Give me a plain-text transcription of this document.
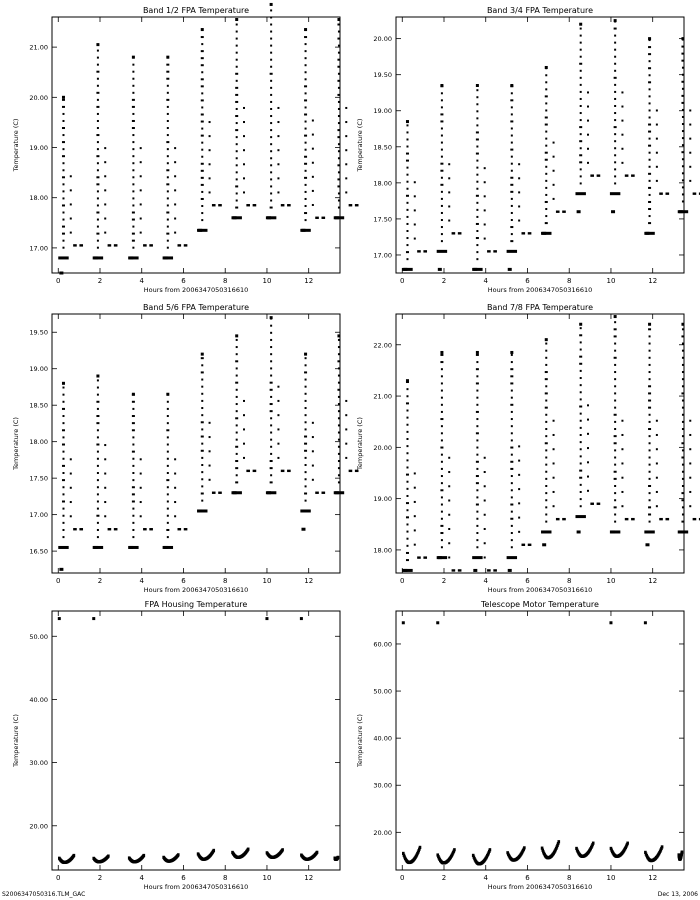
Band 1/2 FPA Temperature
0	2	4	6	8	10	12
17.00
18.00
19.00
20.00
21.00
Hours from 2006347050316610
Temperature (C)
Band 3/4 FPA Temperature
0	2	4	6	8	10	12
17.00
17.50
18.00
18.50
19.00
19.50
20.00
Hours from 2006347050316610
Temperature (C)
Band 5/6 FPA Temperature
0	2	4	6	8	10	12
16.50
17.00
17.50
18.00
18.50
19.00
19.50
Hours from 2006347050316610
Temperature (C)
Band 7/8 FPA Temperature
0	2	4	6	8	10	12
18.00
19.00
20.00
21.00
22.00
Hours from 2006347050316610
Temperature (C)
FPA Housing Temperature
0	2	4	6	8	10	12
20.00
30.00
40.00
50.00
Hours from 2006347050316610
Temperature (C)
Telescope Motor Temperature
0	2	4	6	8	10	12
20.00
30.00
40.00
50.00
60.00
Hours from 2006347050316610
Temperature (C)
S2006347050316.TLM_GAC	Dec 13, 2006
